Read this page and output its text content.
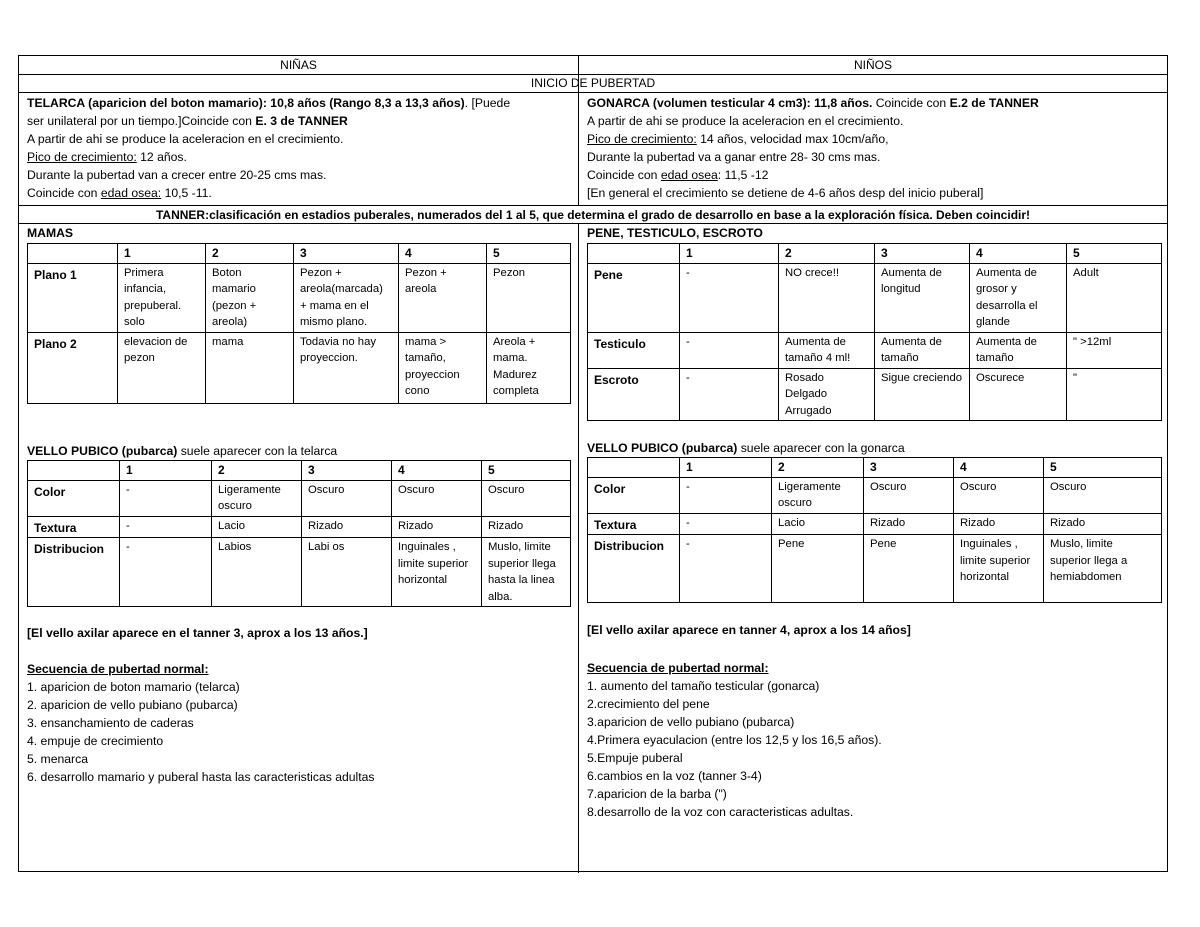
NIÑAS	NIÑOS
INICIO DE PUBERTAD
TELARCA (aparicion del boton mamario): 10,8 años (Rango 8,3 a 13,3 años). [Puede
ser unilateral por un tiempo.]Coincide con E. 3 de TANNER
A partir de ahi se produce la aceleracion en el crecimiento.
Pico de crecimiento: 12 años.
Durante la pubertad van a crecer entre 20-25 cms mas.
Coincide con edad osea: 10,5 -11.
GONARCA (volumen testicular 4 cm3): 11,8 años. Coincide con E.2 de TANNER
A partir de ahi se produce la aceleracion en el crecimiento.
Pico de crecimiento: 14 años, velocidad max 10cm/año,
Durante la pubertad va a ganar entre 28- 30 cms mas.
Coincide con edad osea: 11,5 -12
[En general el crecimiento se detiene de 4-6 años desp del inicio puberal]
TANNER:clasificación en estadios puberales, numerados del 1 al 5, que determina el grado de desarrollo en base a la exploración física. Deben coincidir!
MAMAS
	1	2	3	4	5
Plano 1	Primera infancia, prepuberal. solo	Boton mamario (pezon + areola)	Pezon + areola(marcada) + mama en el mismo plano.	Pezon + areola	Pezon
Plano 2	elevacion de pezon	mama	Todavia no hay proyeccion.	mama > tamaño, proyeccion cono	Areola + mama. Madurez completa
PENE, TESTICULO, ESCROTO
	1	2	3	4	5
Pene	-	NO crece!!	Aumenta de longitud	Aumenta de grosor y desarrolla el glande	Adult
Testiculo	-	Aumenta de tamaño 4 ml!	Aumenta de tamaño	Aumenta de tamaño	" >12ml
Escroto	-	Rosado Delgado Arrugado	Sigue creciendo	Oscurece	"
VELLO PUBICO (pubarca) suele aparecer con la telarca
	1	2	3	4	5
Color	-	Ligeramente oscuro	Oscuro	Oscuro	Oscuro
Textura	-	Lacio	Rizado	Rizado	Rizado
Distribucion	-	Labios	Labi os	Inguinales , limite superior horizontal	Muslo, limite superior llega hasta la linea alba.
VELLO PUBICO (pubarca) suele aparecer con la gonarca
	1	2	3	4	5
Color	-	Ligeramente oscuro	Oscuro	Oscuro	Oscuro
Textura	-	Lacio	Rizado	Rizado	Rizado
Distribucion	-	Pene	Pene	Inguinales , limite superior horizontal	Muslo, limite superior llega a hemiabdomen
[El vello axilar aparece en el tanner 3, aprox a los 13 años.]	[El vello axilar aparece en tanner 4, aprox a los 14 años]
Secuencia de pubertad normal:
1. aparicion de boton mamario (telarca)
2. aparicion de vello pubiano (pubarca)
3. ensanchamiento de caderas
4. empuje de crecimiento
5. menarca
6. desarrollo mamario y puberal hasta las caracteristicas adultas
Secuencia de pubertad normal:
1. aumento del tamaño testicular (gonarca)
2.crecimiento del pene
3.aparicion de vello pubiano (pubarca)
4.Primera eyaculacion (entre los 12,5 y los 16,5 años).
5.Empuje puberal
6.cambios en la voz (tanner 3-4)
7.aparicion de la barba (")
8.desarrollo de la voz con caracteristicas adultas.
